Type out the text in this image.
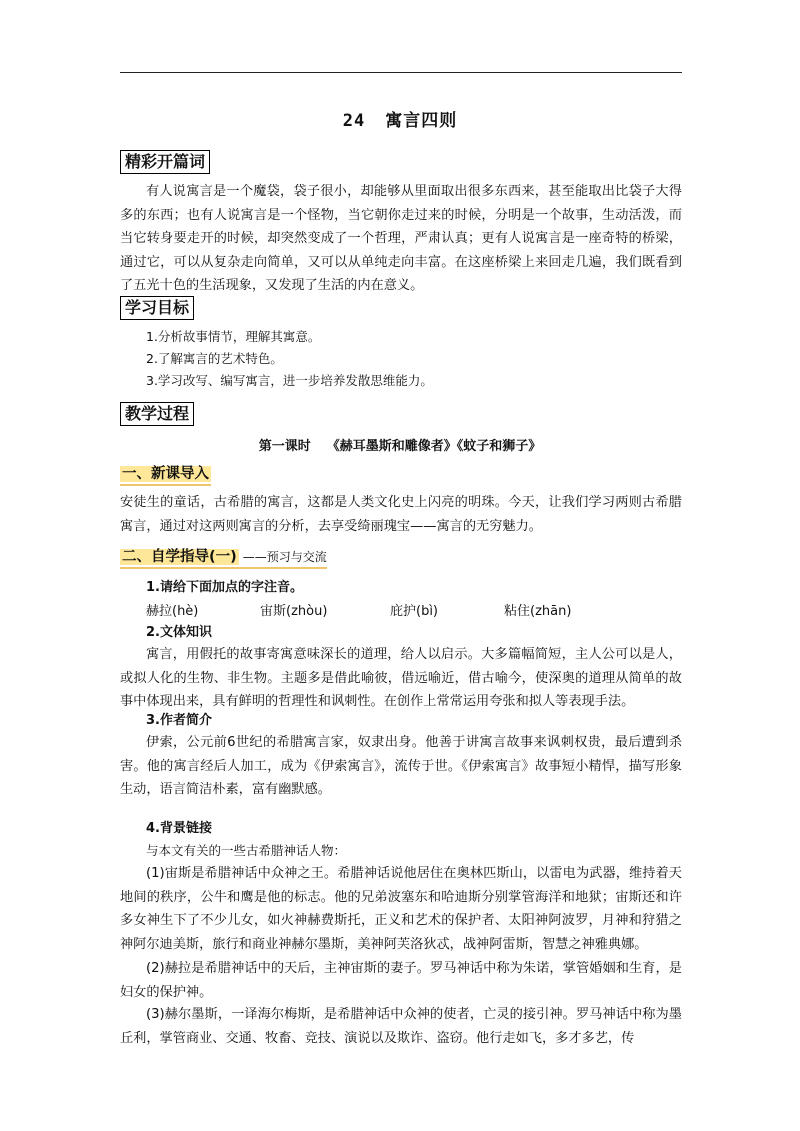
24 寓言四则
精彩开篇词

有人说寓言是一个魔袋，袋子很小，却能够从里面取出很多东西来，甚至能取出比袋子大得多的东西；也有人说寓言是一个怪物，当它朝你走过来的时候，分明是一个故事，生动活泼，而当它转身要走开的时候，却突然变成了一个哲理，严肃认真；更有人说寓言是一座奇特的桥梁，通过它，可以从复杂走向简单，又可以从单纯走向丰富。在这座桥梁上来回走几遍，我们既看到了五光十色的生活现象，又发现了生活的内在意义。

学习目标
1.分析故事情节，理解其寓意。
2.了解寓言的艺术特色。
3.学习改写、编写寓言，进一步培养发散思维能力。
教学过程
第一课时 《赫耳墨斯和雕像者》《蚊子和狮子》
一、新课导入

安徒生的童话，古希腊的寓言，这都是人类文化史上闪亮的明珠。今天，让我们学习两则古希腊寓言，通过对这两则寓言的分析，去享受绮丽瑰宝——寓言的无穷魅力。

二、自学指导(一) ——预习与交流
1.请给下面加点的字注音。
赫拉(hè)	宙斯(zhòu)	庇护(bì)	粘住(zhān)
2.文体知识

寓言，用假托的故事寄寓意味深长的道理，给人以启示。大多篇幅简短，主人公可以是人，或拟人化的生物、非生物。主题多是借此喻彼，借远喻近，借古喻今，使深奥的道理从简单的故事中体现出来，具有鲜明的哲理性和讽刺性。在创作上常常运用夸张和拟人等表现手法。

3.作者简介

伊索，公元前6世纪的希腊寓言家，奴隶出身。他善于讲寓言故事来讽刺权贵，最后遭到杀害。他的寓言经后人加工，成为《伊索寓言》，流传于世。《伊索寓言》故事短小精悍，描写形象生动，语言简洁朴素，富有幽默感。

4.背景链接

与本文有关的一些古希腊神话人物：

(1)宙斯是希腊神话中众神之王。希腊神话说他居住在奥林匹斯山，以雷电为武器，维持着天地间的秩序，公牛和鹰是他的标志。他的兄弟波塞东和哈迪斯分别掌管海洋和地狱；宙斯还和许多女神生下了不少儿女，如火神赫费斯托，正义和艺术的保护者、太阳神阿波罗，月神和狩猎之神阿尔迪美斯，旅行和商业神赫尔墨斯，美神阿芙洛狄忒，战神阿雷斯，智慧之神雅典娜。

(2)赫拉是希腊神话中的天后，主神宙斯的妻子。罗马神话中称为朱诺，掌管婚姻和生育，是妇女的保护神。

(3)赫尔墨斯，一译海尔梅斯，是希腊神话中众神的使者，亡灵的接引神。罗马神话中称为墨丘利，掌管商业、交通、牧畜、竞技、演说以及欺诈、盗窃。他行走如飞，多才多艺，传
